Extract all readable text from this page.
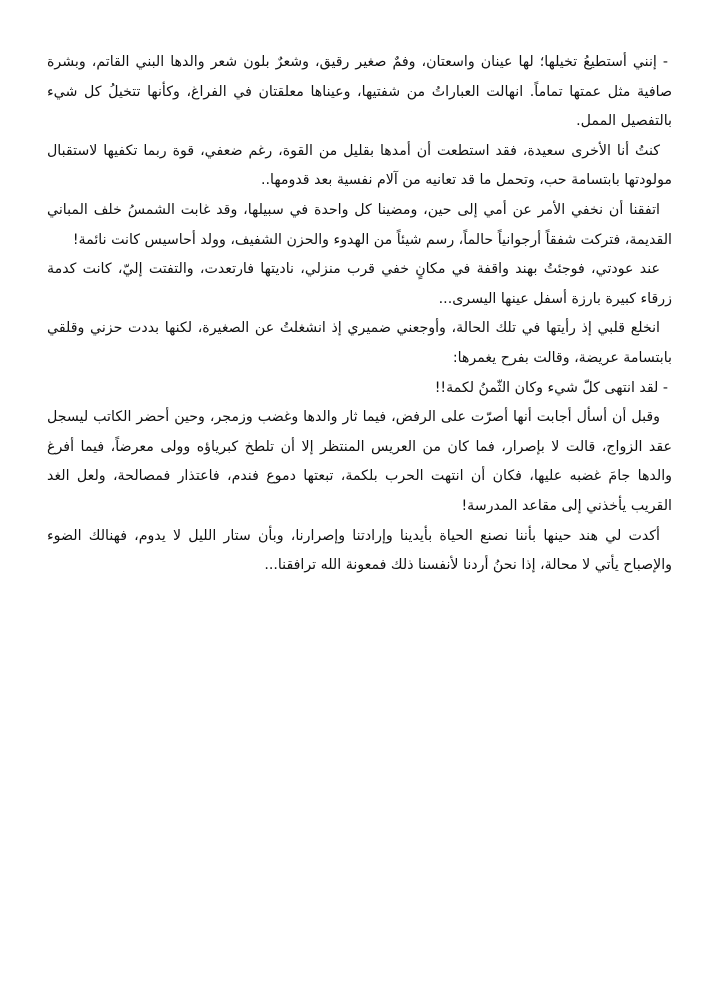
- إنني أستطيعُ تخيلها؛ لها عينان واسعتان، وفمٌ صغير رقيق، وشعرٌ بلون شعر والدها البني القاتم، وبشرة صافية مثل عمتها تماماً. انهالت العباراتُ من شفتيها، وعيناها معلقتان في الفراغ، وكأنها تتخيلُ كل شيء بالتفصيل الممل.

كنتُ أنا الأخرى سعيدة، فقد استطعت أن أمدها بقليل من القوة، رغم ضعفي، قوة ربما تكفيها لاستقبال مولودتها بابتسامة حب، وتحمل ما قد تعانيه من آلام نفسية بعد قدومها..

اتفقنا أن نخفي الأمر عن أمي إلى حين، ومضينا كل واحدة في سبيلها، وقد غابت الشمسُ خلف المباني القديمة، فتركت شفقاً أرجوانياً حالماً، رسم شيئاً من الهدوء والحزن الشفيف، وولد أحاسيس كانت نائمة!

عند عودتي، فوجئتُ بهند واقفة في مكانٍ خفي قرب منزلي، ناديتها فارتعدت، والتفتت إليّ، كانت كدمة زرقاء كبيرة بارزة أسفل عينها اليسرى...

انخلع قلبي إذ رأيتها في تلك الحالة، وأوجعني ضميري إذ انشغلتُ عن الصغيرة، لكنها بددت حزني وقلقي بابتسامة عريضة، وقالت بفرح يغمرها:

- لقد انتهى كلّ شيء وكان الثّمنُ لكمة!!

وقبل أن أسأل أجابت أنها أصرّت على الرفض، فيما ثار والدها وغضب وزمجر، وحين أحضر الكاتب ليسجل عقد الزواج، قالت لا بإصرار، فما كان من العريس المنتظر إلا أن تلطخ كبرياؤه وولى معرضاً، فيما أفرغ والدها جامَ غضبه عليها، فكان أن انتهت الحرب بلكمة، تبعتها دموع فندم، فاعتذار فمصالحة، ولعل الغد القريب يأخذني إلى مقاعد المدرسة!

أكدت لي هند حينها بأننا نصنع الحياة بأيدينا وإرادتنا وإصرارنا، وبأن ستار الليل لا يدوم، فهنالك الضوء والإصباح يأتي لا محالة، إذا نحنُ أردنا لأنفسنا ذلك فمعونة الله ترافقنا...
